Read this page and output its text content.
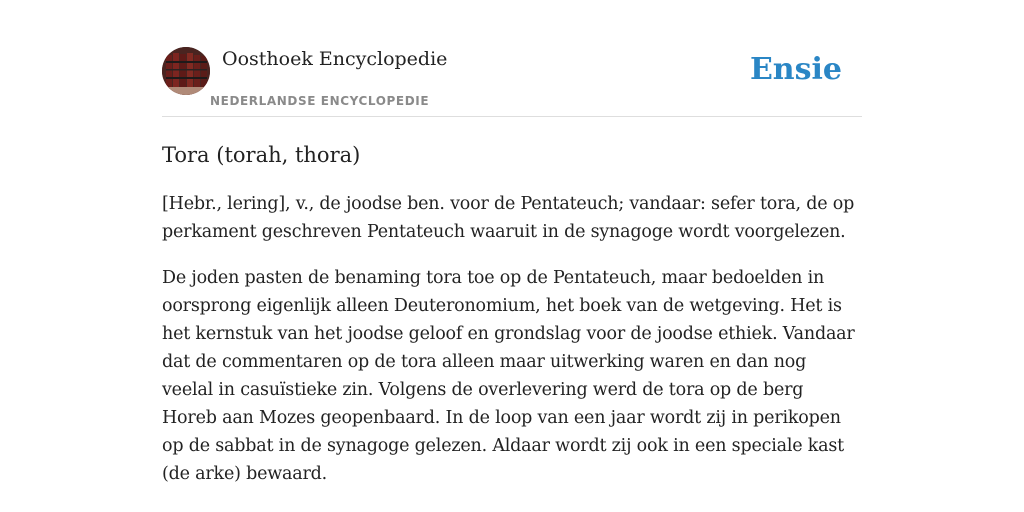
Oosthoek Encyclopedie
NEDERLANDSE ENCYCLOPEDIE
Ensie
Tora (torah, thora)

[Hebr., lering], v., de joodse ben. voor de Pentateuch; vandaar: sefer tora, de op perkament geschreven Pentateuch waaruit in de synagoge wordt voorgelezen.

De joden pasten de benaming tora toe op de Pentateuch, maar bedoelden in oorsprong eigenlijk alleen Deuteronomium, het boek van de wetgeving. Het is het kernstuk van het joodse geloof en grondslag voor de joodse ethiek. Vandaar dat de commentaren op de tora alleen maar uitwerking waren en dan nog veelal in casuïstieke zin. Volgens de overlevering werd de tora op de berg Horeb aan Mozes geopenbaard. In de loop van een jaar wordt zij in perikopen op de sabbat in de synagoge gelezen. Aldaar wordt zij ook in een speciale kast (de arke) bewaard.
